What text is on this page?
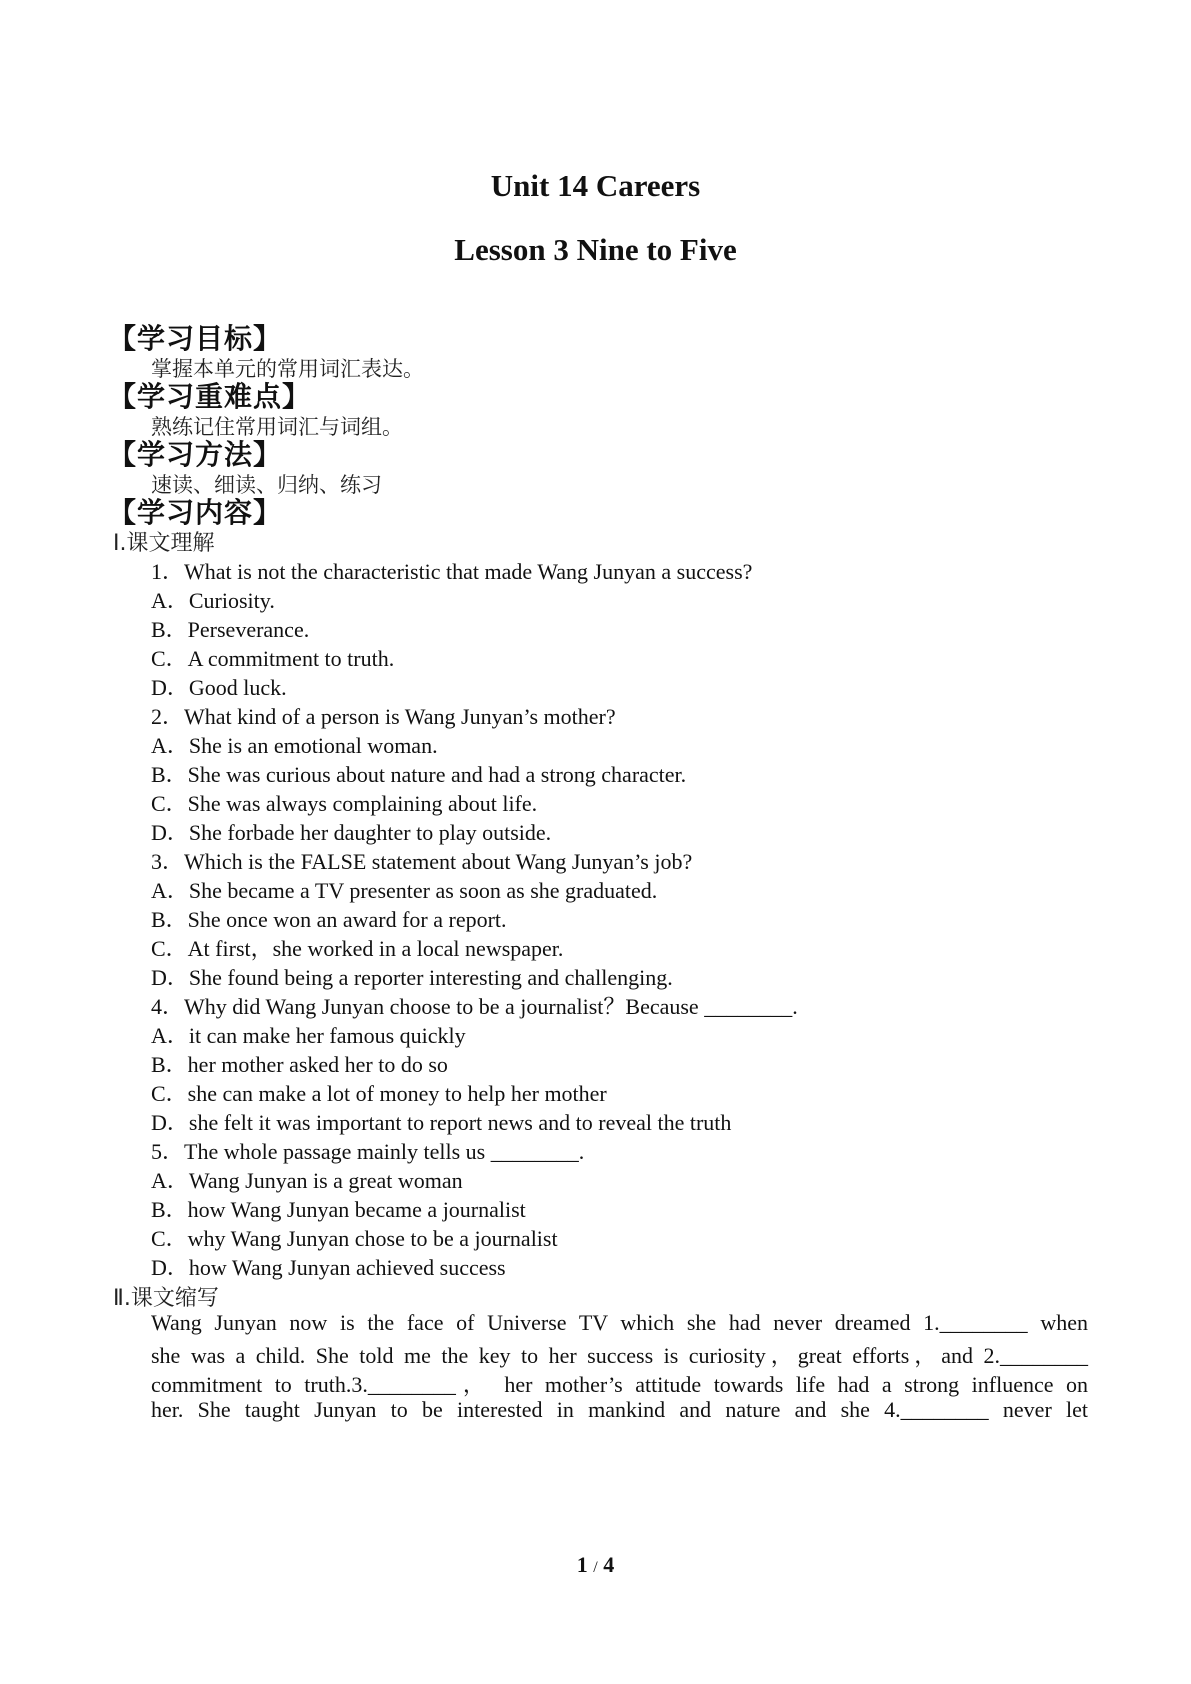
Unit 14 Careers
Lesson 3 Nine to Five
【学习目标】
掌握本单元的常用词汇表达。
【学习重难点】
熟练记住常用词汇与词组。
【学习方法】
速读、细读、归纳、练习
【学习内容】
Ⅰ.课文理解
1．What is not the characteristic that made Wang Junyan a success?
A．Curiosity.
B．Perseverance.
C．A commitment to truth.
D．Good luck.
2．What kind of a person is Wang Junyan’s mother?
A．She is an emotional woman.
B．She was curious about nature and had a strong character.
C．She was always complaining about life.
D．She forbade her daughter to play outside.
3．Which is the FALSE statement about Wang Junyan’s job?
A．She became a TV presenter as soon as she graduated.
B．She once won an award for a report.
C．At first，she worked in a local newspaper.
D．She found being a reporter interesting and challenging.
4．Why did Wang Junyan choose to be a journalist？Because ________.
A．it can make her famous quickly
B．her mother asked her to do so
C．she can make a lot of money to help her mother
D．she felt it was important to report news and to reveal the truth
5．The whole passage mainly tells us ________.
A．Wang Junyan is a great woman
B．how Wang Junyan became a journalist
C．why Wang Junyan chose to be a journalist
D．how Wang Junyan achieved success
Ⅱ.课文缩写
Wang Junyan now is the face of Universe TV which she had never dreamed 1.________ when
she was a child. She told me the key to her success is curiosity，great efforts，and 2.________
commitment to truth.3.________， her mother’s attitude towards life had a strong influence on
her. She taught Junyan to be interested in mankind and nature and she 4.________ never let
1 / 4
